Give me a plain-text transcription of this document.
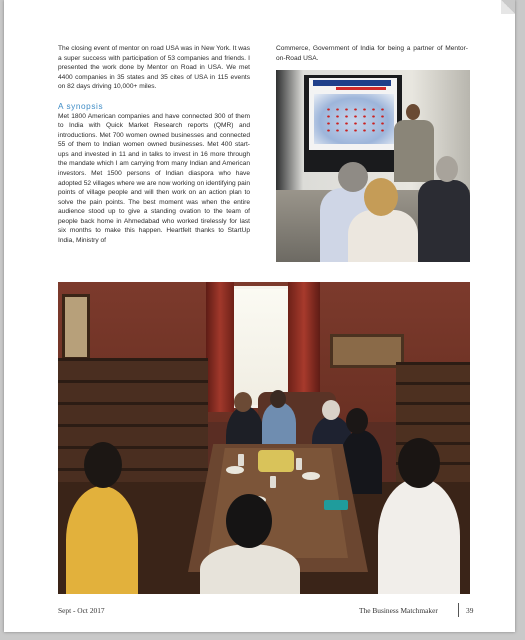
The closing event of mentor on road USA was in New York. It was a super success with participation of 53 companies and friends. I presented the work done by Mentor on Road in USA. We met 4400 companies in 35 states and 35 cites of USA in 115 events on 82 days driving 10,000+ miles.

A synopsis

Met 1800 American companies and have connected 300 of them to India with Quick Market Research reports (QMR) and introductions. Met 700 women owned businesses and connected 55 of them to Indian women owned businesses. Met 400 start-ups and invested in 11 and in talks to invest in 16 more through the mandate which I am carrying from many Indian and American investors. Met 1500 persons of Indian diaspora who have adopted 52 villages where we are now working on identifying pain points of village people and will then work on an action plan to solve the pain points. The best moment was when the entire audience stood up to give a standing ovation to the team of people back home in Ahmedabad who worked tirelessly for last six months to make this happen. Heartfelt thanks to StartUp India, Ministry of

Commerce, Government of India for being a partner of Mentor-on-Road USA.

Sept - Oct 2017	The Business Matchmaker	39
